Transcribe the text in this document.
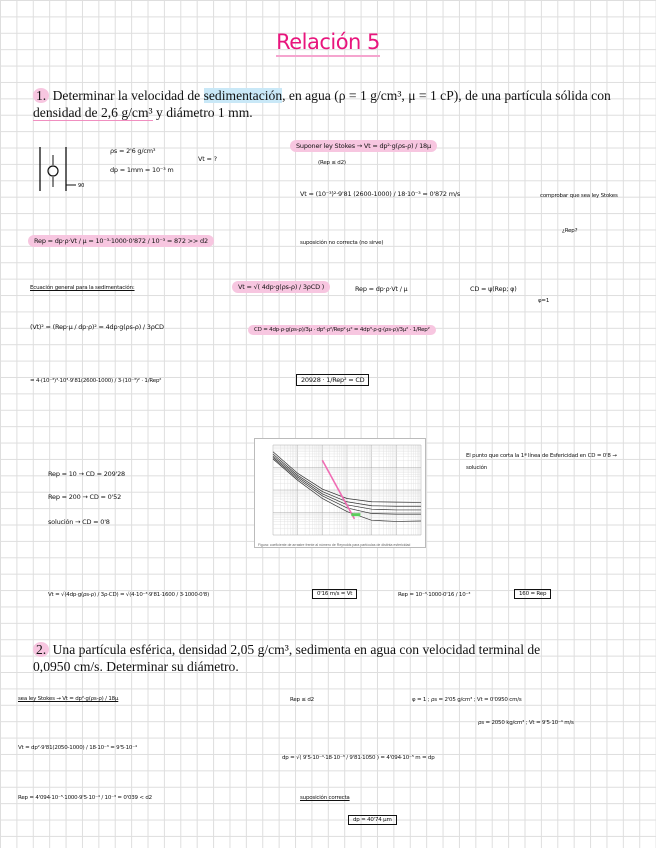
Relación 5
1. Determinar la velocidad de sedimentación, en agua (ρ = 1 g/cm³, μ = 1 cP), de una partícula sólida con densidad de 2,6 g/cm³ y diámetro 1 mm.
90
ρs = 2'6 g/cm³
dp = 1mm = 10⁻³ m
Vt = ?
Suponer ley Stokes → Vt = dp²·g(ρs-ρ) / 18μ
(Rep ≤ d2)
Vt = (10⁻³)²·9'81 (2600-1000) / 18·10⁻³ = 0'872 m/s	comprobar que sea ley Stokes
¿Rep?
Rep = dp·ρ·Vt / μ = 10⁻³·1000·0'872 / 10⁻³ = 872 >> d2	suposición no correcta (no sirve)
Ecuación general para la sedimentación:	Vt = √( 4dp·g(ρs-ρ) / 3ρCD )	Rep = dp·ρ·Vt / μ	CD = ψ(Rep; φ)
φ=1
(Vt)² = (Rep·μ / dp·ρ)² = 4dp·g(ρs-ρ) / 3ρCD	CD = 4dp·ρ·g(ρs-ρ)/3μ · dp²·ρ²/Rep²·μ² = 4dp³·ρ·g·(ρs-ρ)/3μ² · 1/Rep²
= 4·(10⁻³)³·10³·9'81(2600-1000) / 3·(10⁻³)² · 1/Rep²	20928 · 1/Rep² = CD
Figura: coeficiente de arrastre frente al número de Reynolds para partículas de distinta esfericidad
Rep = 10 → CD = 209'28
Rep = 200 → CD = 0'52
solución → CD = 0'8
El punto que corta la 1ª línea de Esfericidad en CD = 0'8 → solución
Vt = √(4dp·g(ρs-ρ) / 3ρ·CD) = √(4·10⁻³·9'81·1600 / 3·1000·0'8)	0'16 m/s = Vt	Rep = 10⁻³·1000·0'16 / 10⁻³	160 = Rep
2. Una partícula esférica, densidad 2,05 g/cm³, sedimenta en agua con velocidad terminal de 0,0950 cm/s. Determinar su diámetro.
sea ley Stokes → Vt = dp²·g(ρs-ρ) / 18μ	Rep ≤ d2	φ = 1 ; ρs = 2'05 g/cm³ ; Vt = 0'0950 cm/s
ρs = 2050 kg/cm³ ; Vt = 9'5·10⁻⁴ m/s
Vt = dp²·9'81(2050-1000) / 18·10⁻³ = 9'5·10⁻⁴
dp = √( 9'5·10⁻⁴·18·10⁻³ / 9'81·1050 ) = 4'094·10⁻⁵ m = dp
Rep = 4'094·10⁻⁵·1000·9'5·10⁻⁴ / 10⁻³ = 0'039 < d2	suposición correcta
dp = 40'74 μm
